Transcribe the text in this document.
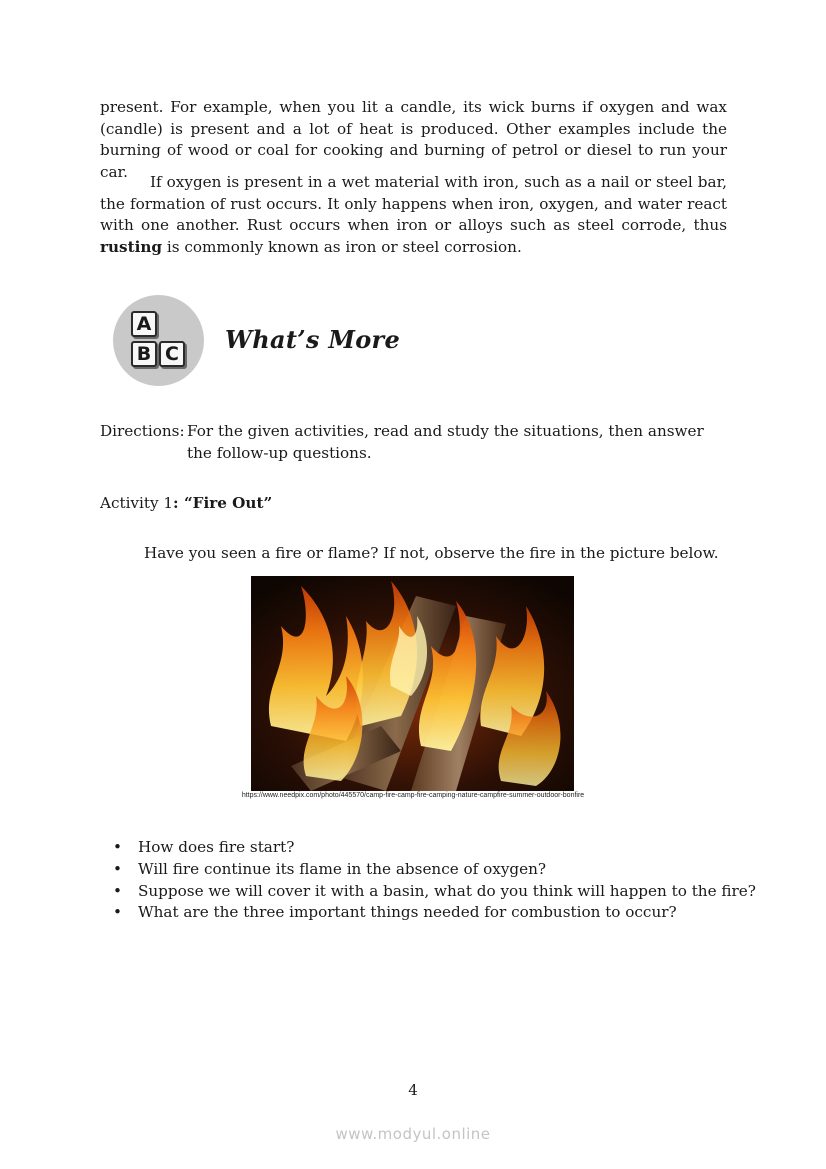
present. For example, when you lit a candle, its wick burns if oxygen and wax (candle) is present and a lot of heat is produced. Other examples include the burning of wood or coal for cooking and burning of petrol or diesel to run your car.
If oxygen is present in a wet material with iron, such as a nail or steel bar, the formation of rust occurs. It only happens when iron, oxygen, and water react with one another. Rust occurs when iron or alloys such as steel corrode, thus rusting is commonly known as iron or steel corrosion.
A
B C What’s More
Directions: For the given activities, read and study the situations, then answer the follow-up questions.
Activity 1: “Fire Out”
Have you seen a fire or flame? If not, observe the fire in the picture below.
https://www.needpix.com/photo/445570/camp-fire-camp-fire-camping-nature-campfire-summer-outdoor-bonfire
• How does fire start?
• Will fire continue its flame in the absence of oxygen?
• Suppose we will cover it with a basin, what do you think will happen to the fire?
• What are the three important things needed for combustion to occur?
4
www.modyul.online
